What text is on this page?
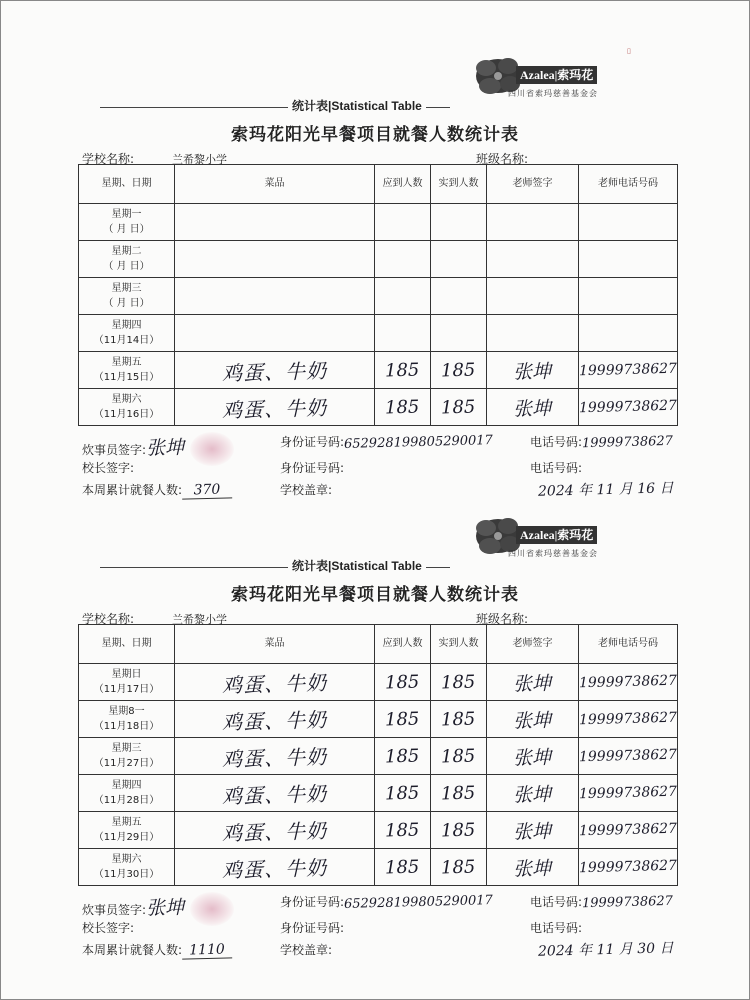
▯
Azalea|索玛花
四川省索玛慈善基金会
统计表|Statistical Table
索玛花阳光早餐项目就餐人数统计表
学校名称:	兰希黎小学	班级名称:
星期、日期	菜品	应到人数	实到人数	老师签字	老师电话号码

星期一
（ 月 日）					

星期二
（ 月 日）					

星期三
（ 月 日）					

星期四
（11月14日）					

星期五
（11月15日）	鸡蛋、牛奶	185	185	张坤	19999738627

星期六
（11月16日）	鸡蛋、牛奶	185	185	张坤	19999738627
炊事员签字:张坤	身份证号码:652928199805290017	电话号码:19999738627
校长签字:	身份证号码:	电话号码:
本周累计就餐人数: 370	学校盖章:	2024 年 11 月 16 日
Azalea|索玛花
四川省索玛慈善基金会
统计表|Statistical Table
索玛花阳光早餐项目就餐人数统计表
学校名称:	兰希黎小学	班级名称:
星期、日期	菜品	应到人数	实到人数	老师签字	老师电话号码

星期日
（11月17日）	鸡蛋、牛奶	185	185	张坤	19999738627

星期8一
（11月18日）	鸡蛋、牛奶	185	185	张坤	19999738627

星期三
（11月27日）	鸡蛋、牛奶	185	185	张坤	19999738627

星期四
（11月28日）	鸡蛋、牛奶	185	185	张坤	19999738627

星期五
（11月29日）	鸡蛋、牛奶	185	185	张坤	19999738627

星期六
（11月30日）	鸡蛋、牛奶	185	185	张坤	19999738627
炊事员签字:张坤	身份证号码:652928199805290017	电话号码:19999738627
校长签字:	身份证号码:	电话号码:
本周累计就餐人数: 1110	学校盖章:	2024 年 11 月 30 日
